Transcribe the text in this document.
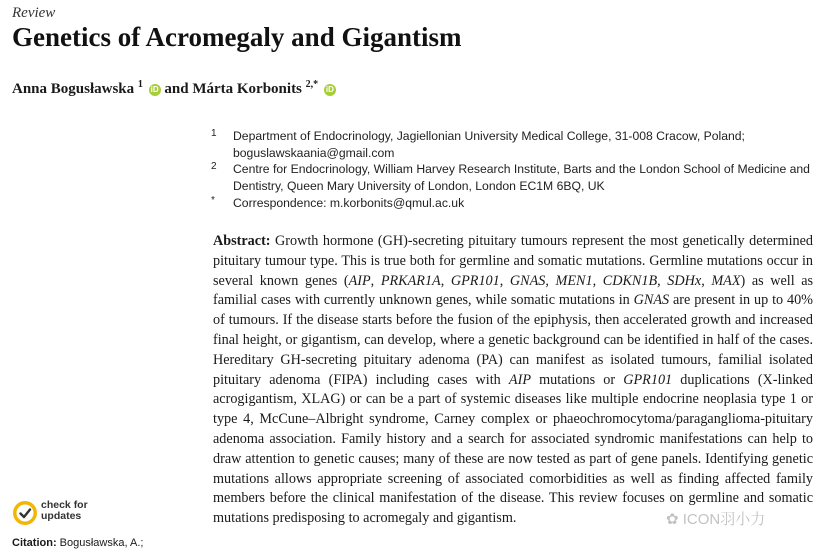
Review
Genetics of Acromegaly and Gigantism
Anna Bogusławska $^1$ iD and Márta Korbonits $^{2,*}$ iD
1 Department of Endocrinology, Jagiellonian University Medical College, 31-008 Cracow, Poland; boguslawskaania@gmail.com
2 Centre for Endocrinology, William Harvey Research Institute, Barts and the London School of Medicine and Dentistry, Queen Mary University of London, London EC1M 6BQ, UK
* Correspondence: m.korbonits@qmul.ac.uk
Abstract: Growth hormone (GH)-secreting pituitary tumours represent the most genetically determined pituitary tumour type. This is true both for germline and somatic mutations. Germline mutations occur in several known genes (AIP, PRKAR1A, GPR101, GNAS, MEN1, CDKN1B, SDHx, MAX) as well as familial cases with currently unknown genes, while somatic mutations in GNAS are present in up to 40% of tumours. If the disease starts before the fusion of the epiphysis, then accelerated growth and increased final height, or gigantism, can develop, where a genetic background can be identified in half of the cases. Hereditary GH-secreting pituitary adenoma (PA) can manifest as isolated tumours, familial isolated pituitary adenoma (FIPA) including cases with AIP mutations or GPR101 duplications (X-linked acrogigantism, XLAG) or can be a part of systemic diseases like multiple endocrine neoplasia type 1 or type 4, McCune–Albright syndrome, Carney complex or phaeochromocytoma/paraganglioma-pituitary adenoma association. Family history and a search for associated syndromic manifestations can help to draw attention to genetic causes; many of these are now tested as part of gene panels. Identifying genetic mutations allows appropriate screening of associated comorbidities as well as finding affected family members before the clinical manifestation of the disease. This review focuses on germline and somatic mutations predisposing to acromegaly and gigantism.
check for
updates
Citation: Bogusławska, A.;
✿ ICON羽小力
